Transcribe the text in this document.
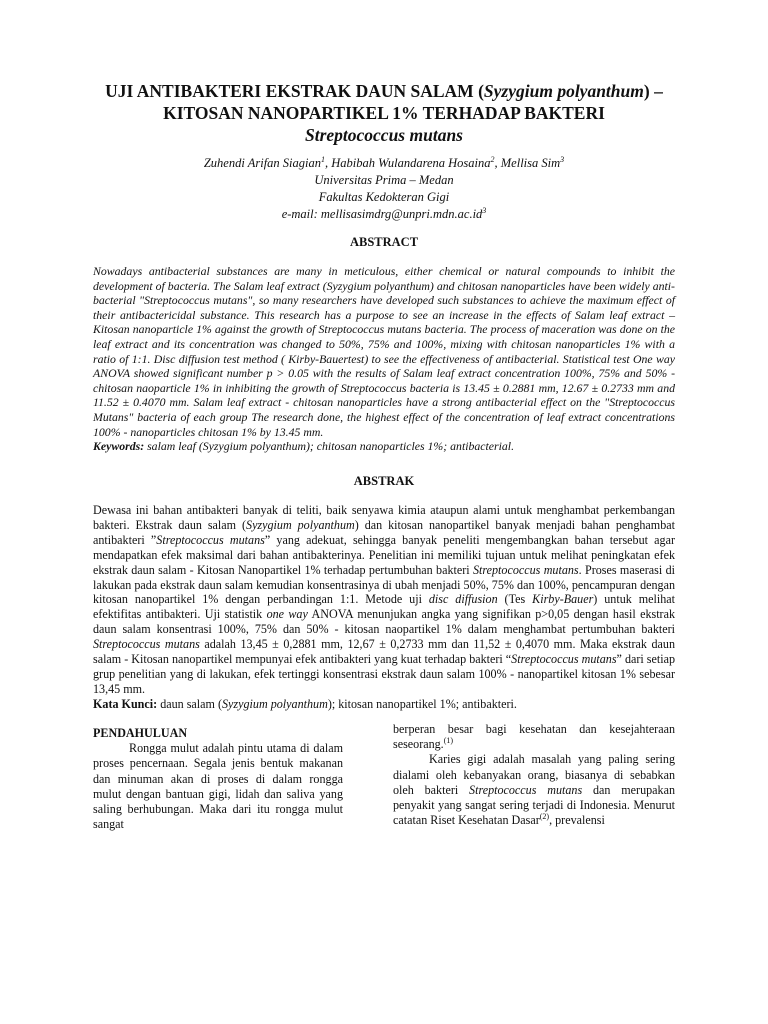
UJI ANTIBAKTERI EKSTRAK DAUN SALAM (Syzygium polyanthum) –
KITOSAN NANOPARTIKEL 1% TERHADAP BAKTERI
Streptococcus mutans
Zuhendi Arifan Siagian$^1$, Habibah Wulandarena Hosaina$^2$, Mellisa Sim$^3$
Universitas Prima – Medan
Fakultas Kedokteran Gigi
e-mail: $mellisasimdrg@unpri.mdn.ac.id^3$
ABSTRACT

Nowadays antibacterial substances are many in meticulous, either chemical or natural compounds to inhibit the development of bacteria. The Salam leaf extract (Syzygium polyanthum) and chitosan nanoparticles have been widely anti-bacterial "Streptococcus mutans", so many researchers have developed such substances to achieve the maximum effect of their antibactericidal substance. This research has a purpose to see an increase in the effects of Salam leaf extract – Kitosan nanoparticle 1% against the growth of Streptococcus mutans bacteria. The process of maceration was done on the leaf extract and its concentration was changed to 50%, 75% and 100%, mixing with chitosan nanoparticles 1% with a ratio of 1:1. Disc diffusion test method ( Kirby-Bauertest) to see the effectiveness of antibacterial. Statistical test One way ANOVA showed significant number p > 0.05 with the results of Salam leaf extract concentration 100%, 75% and 50% - chitosan naoparticle 1% in inhibiting the growth of Streptococcus bacteria is 13.45 ± 0.2881 mm, 12.67 ± 0.2733 mm and 11.52 ± 0.4070 mm. Salam leaf extract - chitosan nanoparticles have a strong antibacterial effect on the "Streptococcus Mutans" bacteria of each group The research done, the highest effect of the concentration of leaf extract concentrations 100% - nanoparticles chitosan 1% by 13.45 mm.

Keywords: salam leaf (Syzygium polyanthum); chitosan nanoparticles 1%; antibacterial.

ABSTRAK

Dewasa ini bahan antibakteri banyak di teliti, baik senyawa kimia ataupun alami untuk menghambat perkembangan bakteri. Ekstrak daun salam (Syzygium polyanthum) dan kitosan nanopartikel banyak menjadi bahan penghambat antibakteri ”Streptococcus mutans” yang adekuat, sehingga banyak peneliti mengembangkan bahan tersebut agar mendapatkan efek maksimal dari bahan antibakterinya. Penelitian ini memiliki tujuan untuk melihat peningkatan efek ekstrak daun salam - Kitosan Nanopartikel 1% terhadap pertumbuhan bakteri Streptococcus mutans. Proses maserasi di lakukan pada ekstrak daun salam kemudian konsentrasinya di ubah menjadi 50%, 75% dan 100%, pencampuran dengan kitosan nanopartikel 1% dengan perbandingan 1:1. Metode uji disc diffusion (Tes Kirby-Bauer) untuk melihat efektifitas antibakteri. Uji statistik one way ANOVA menunjukan angka yang signifikan p>0,05 dengan hasil ekstrak daun salam konsentrasi 100%, 75% dan 50% - kitosan naopartikel 1% dalam menghambat pertumbuhan bakteri Streptococcus mutans adalah 13,45 ± 0,2881 mm, 12,67 ± 0,2733 mm dan 11,52 ± 0,4070 mm. Maka ekstrak daun salam - Kitosan nanopartikel mempunyai efek antibakteri yang kuat terhadap bakteri “Streptococcus mutans” dari setiap grup penelitian yang di lakukan, efek tertinggi konsentrasi ekstrak daun salam 100% - nanopartikel kitosan 1% sebesar 13,45 mm.

Kata Kunci: daun salam (Syzygium polyanthum); kitosan nanopartikel 1%; antibakteri.

PENDAHULUAN

Rongga mulut adalah pintu utama di dalam proses pencernaan. Segala jenis bentuk makanan dan minuman akan di proses di dalam rongga mulut dengan bantuan gigi, lidah dan saliva yang saling berhubungan. Maka dari itu rongga mulut sangat

berperan besar bagi kesehatan dan kesejahteraan seseorang.$^{(1)}$

Karies gigi adalah masalah yang paling sering dialami oleh kebanyakan orang, biasanya di sebabkan oleh bakteri Streptococcus mutans dan merupakan penyakit yang sangat sering terjadi di Indonesia. Menurut catatan Riset Kesehatan Dasar$^{(2)}$, prevalensi
